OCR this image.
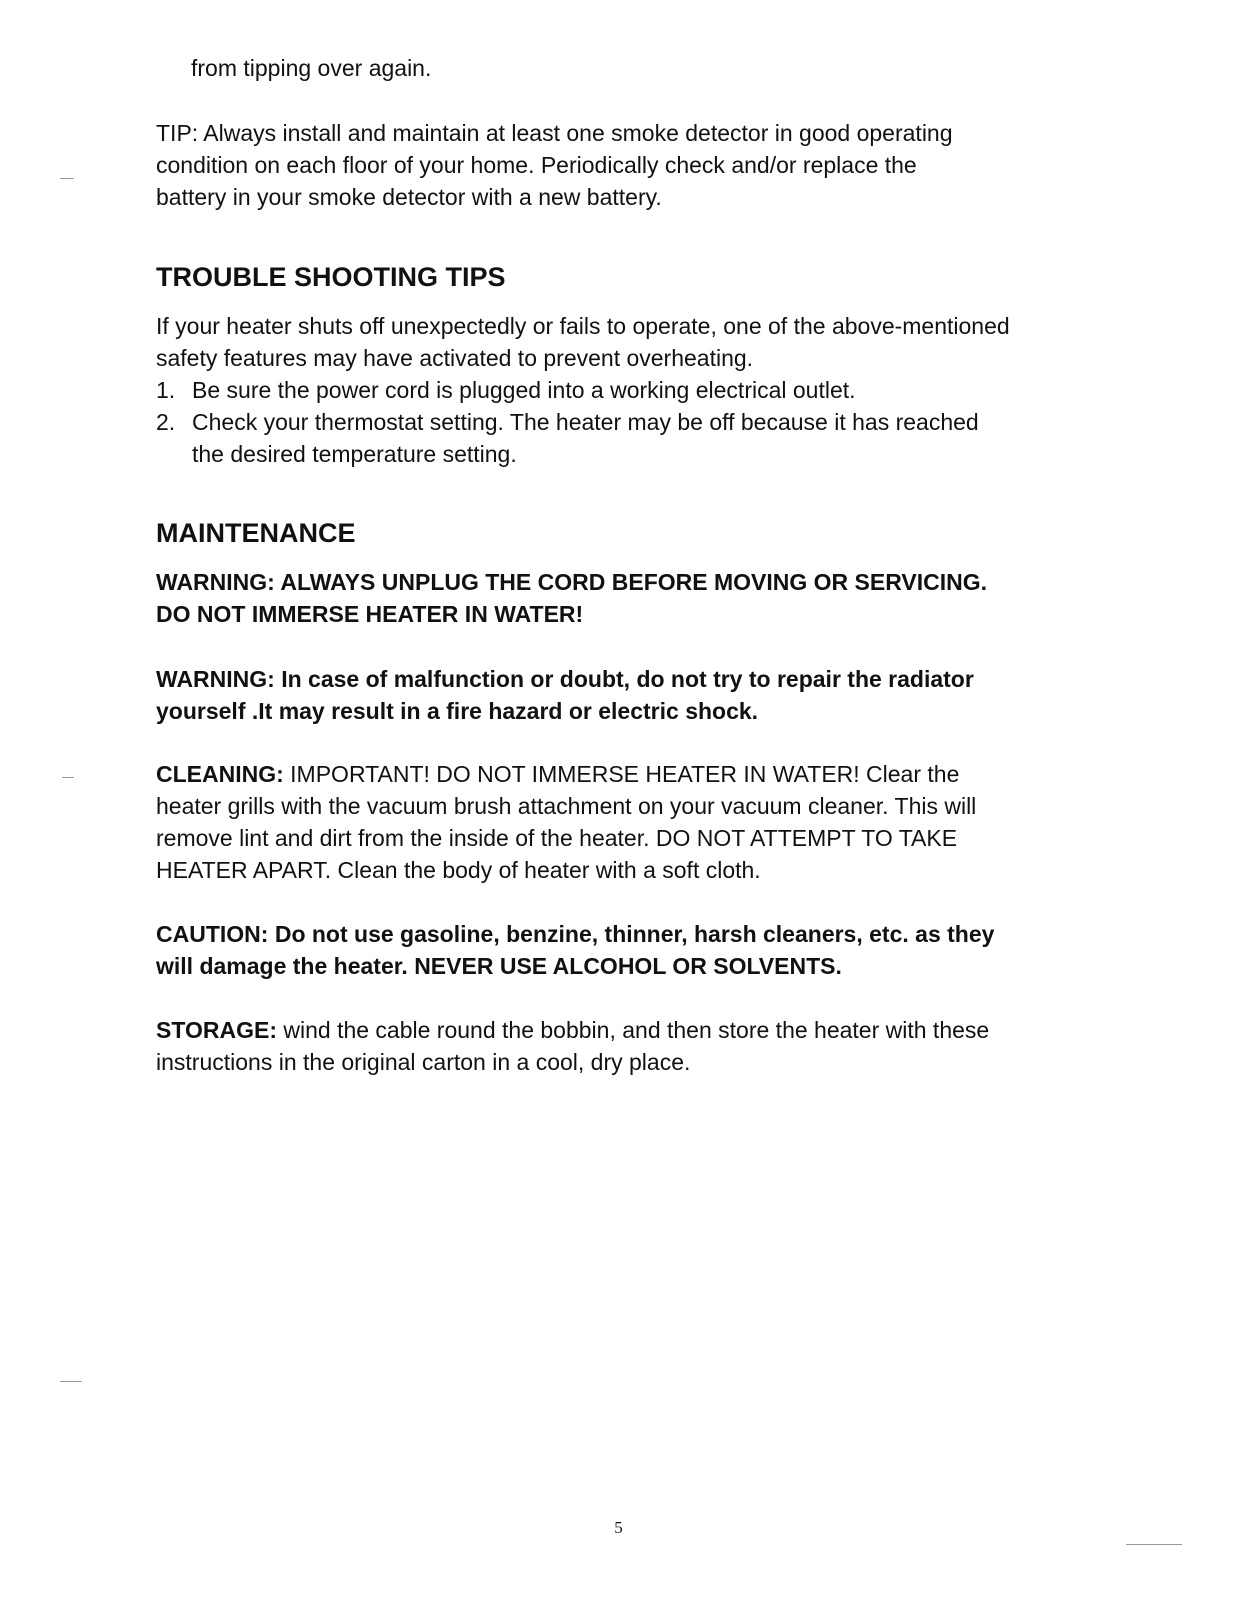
from tipping over again.
TIP: Always install and maintain at least one smoke detector in good operating
condition on each floor of your home. Periodically check and/or replace the
battery in your smoke detector with a new battery.
TROUBLE SHOOTING TIPS
If your heater shuts off unexpectedly or fails to operate, one of the above-mentioned
safety features may have activated to prevent overheating.
1. Be sure the power cord is plugged into a working electrical outlet.
2. Check your thermostat setting. The heater may be off because it has reached
the desired temperature setting.
MAINTENANCE
WARNING: ALWAYS UNPLUG THE CORD BEFORE MOVING OR SERVICING.
DO NOT IMMERSE HEATER IN WATER!
WARNING: In case of malfunction or doubt, do not try to repair the radiator
yourself .It may result in a fire hazard or electric shock.
CLEANING: IMPORTANT! DO NOT IMMERSE HEATER IN WATER! Clear the
heater grills with the vacuum brush attachment on your vacuum cleaner. This will
remove lint and dirt from the inside of the heater. DO NOT ATTEMPT TO TAKE
HEATER APART. Clean the body of heater with a soft cloth.
CAUTION: Do not use gasoline, benzine, thinner, harsh cleaners, etc. as they
will damage the heater. NEVER USE ALCOHOL OR SOLVENTS.
STORAGE: wind the cable round the bobbin, and then store the heater with these
instructions in the original carton in a cool, dry place.
5
